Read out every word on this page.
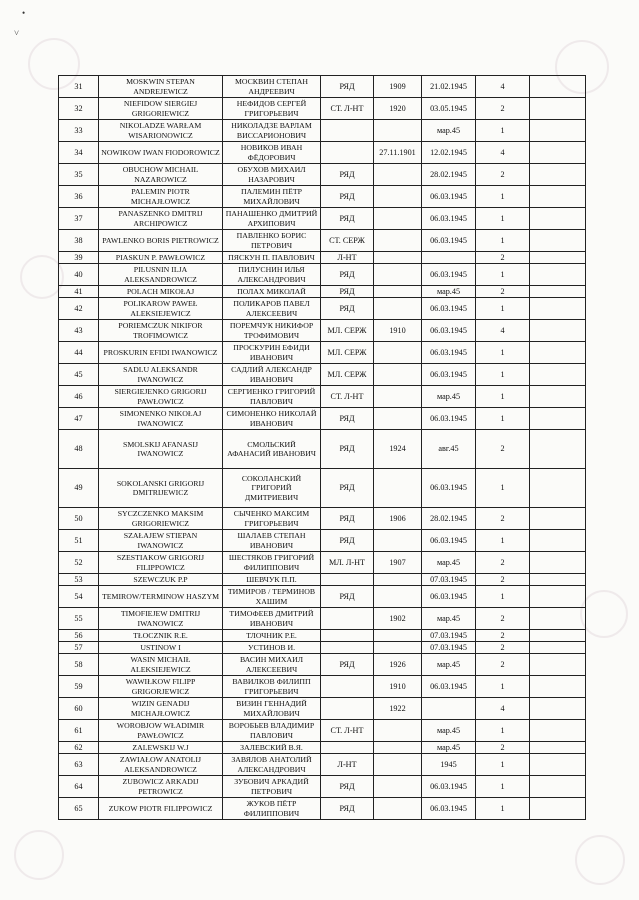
•
˅
31	MOSKWIN STEPAN ANDREJEWICZ	МОСКВИН СТЕПАН АНДРЕЕВИЧ	РЯД	1909	21.02.1945	4	
32	NIEFIDOW SIERGIEJ GRIGORIEWICZ	НЕФИДОВ СЕРГЕЙ ГРИГОРЬЕВИЧ	СТ. Л-НТ	1920	03.05.1945	2	
33	NIKOLADZE WARŁAM WISARIONOWICZ	НИКОЛАДЗЕ ВАРЛАМ ВИССАРИОНОВИЧ			мар.45	1	
34	NOWIKOW IWAN FIODOROWICZ	НОВИКОВ ИВАН ФЁДОРОВИЧ		27.11.1901	12.02.1945	4	
35	OBUCHOW MICHAIL NAZAROWICZ	ОБУХОВ МИХАИЛ НАЗАРОВИЧ	РЯД		28.02.1945	2	
36	PALEMIN PIOTR MICHAJŁOWICZ	ПАЛЕМИН ПЁТР МИХАЙЛОВИЧ	РЯД		06.03.1945	1	
37	PANASZENKO DMITRIJ ARCHIPOWICZ	ПАНАШЕНКО ДМИТРИЙ АРХИПОВИЧ	РЯД		06.03.1945	1	
38	PAWLENKO BORIS PIETROWICZ	ПАВЛЕНКО БОРИС ПЕТРОВИЧ	СТ. СЕРЖ		06.03.1945	1	
39	PIASKUN P. PAWŁOWICZ	ПЯСКУН П. ПАВЛОВИЧ	Л-НТ			2	
40	PILUSNIN ILJA ALEKSANDROWICZ	ПИЛУСНИН ИЛЬЯ АЛЕКСАНДРОВИЧ	РЯД		06.03.1945	1	
41	POLACH MIKOŁAJ	ПОЛАХ МИКОЛАЙ	РЯД		мар.45	2	
42	POLIKAROW PAWEŁ ALEKSIEJEWICZ	ПОЛИКАРОВ ПАВЕЛ АЛЕКСЕЕВИЧ	РЯД		06.03.1945	1	
43	PORIEMCZUK NIKIFOR TROFIMOWICZ	ПОРЕМЧУК НИКИФОР ТРОФИМОВИЧ	МЛ. СЕРЖ	1910	06.03.1945	4	
44	PROSKURIN EFIDI IWANOWICZ	ПРОСКУРИН ЕФИДИ ИВАНОВИЧ	МЛ. СЕРЖ		06.03.1945	1	
45	SADLU ALEKSANDR IWANOWICZ	САДЛИЙ АЛЕКСАНДР ИВАНОВИЧ	МЛ. СЕРЖ		06.03.1945	1	
46	SIERGIEJENKO GRIGORIJ PAWŁOWICZ	СЕРГИЕНКО ГРИГОРИЙ ПАВЛОВИЧ	СТ. Л-НТ		мар.45	1	
47	SIMONENKO NIKOŁAJ IWANOWICZ	СИМОНЕНКО НИКОЛАЙ ИВАНОВИЧ	РЯД		06.03.1945	1	
48	SMOLSKIJ AFANASIJ IWANOWICZ	СМОЛЬСКИЙ АФАНАСИЙ ИВАНОВИЧ	РЯД	1924	авг.45	2	
49	SOKOLANSKI GRIGORIJ DMITRIJEWICZ	СОКОЛАНСКИЙ ГРИГОРИЙ ДМИТРИЕВИЧ	РЯД		06.03.1945	1	
50	SYCZCZENKO MAKSIM GRIGORIEWICZ	СЫЧЕНКО МАКСИМ ГРИГОРЬЕВИЧ	РЯД	1906	28.02.1945	2	
51	SZAŁAJEW STIEPAN IWANOWICZ	ШАЛАЕВ СТЕПАН ИВАНОВИЧ	РЯД		06.03.1945	1	
52	SZESTIAKOW GRIGORIJ FILIPPOWICZ	ШЕСТЯКОВ ГРИГОРИЙ ФИЛИППОВИЧ	МЛ. Л-НТ	1907	мар.45	2	
53	SZEWCZUK P.P	ШЕВЧУК П.П.			07.03.1945	2	
54	TEMIROW/TERMINOW HASZYM	ТИМИРОВ / ТЕРМИНОВ ХАШИМ	РЯД		06.03.1945	1	
55	TIMOFIEJEW DMITRIJ IWANOWICZ	ТИМОФЕЕВ ДМИТРИЙ ИВАНОВИЧ		1902	мар.45	2	
56	TŁOCZNIK R.E.	ТЛОЧНИК Р.Е.			07.03.1945	2	
57	USTINOW I	УСТИНОВ И.			07.03.1945	2	
58	WASIN MICHAIŁ ALEKSIEJEWICZ	ВАСИН МИХАИЛ АЛЕКСЕЕВИЧ	РЯД	1926	мар.45	2	
59	WAWIŁKOW FILIPP GRIGORJEWICZ	ВАВИЛКОВ ФИЛИПП ГРИГОРЬЕВИЧ		1910	06.03.1945	1	
60	WIZIN GENADIJ MICHAJŁOWICZ	ВИЗИН ГЕННАДИЙ МИХАЙЛОВИЧ		1922		4	
61	WOROBJOW WŁADIMIR PAWŁOWICZ	ВОРОБЬЕВ ВЛАДИМИР ПАВЛОВИЧ	СТ. Л-НТ		мар.45	1	
62	ZALEWSKIJ W.J	ЗАЛЕВСКИЙ В.Я.			мар.45	2	
63	ZAWIAŁOW ANATOLIJ ALEKSANDROWICZ	ЗАВЯЛОВ АНАТОЛИЙ АЛЕКСАНДРОВИЧ	Л-НТ		1945	1	
64	ZUBOWICZ ARKADIJ PETROWICZ	ЗУБОВИЧ АРКАДИЙ ПЕТРОВИЧ	РЯД		06.03.1945	1	
65	ZUKOW PIOTR FILIPPOWICZ	ЖУКОВ ПЁТР ФИЛИППОВИЧ	РЯД		06.03.1945	1	
